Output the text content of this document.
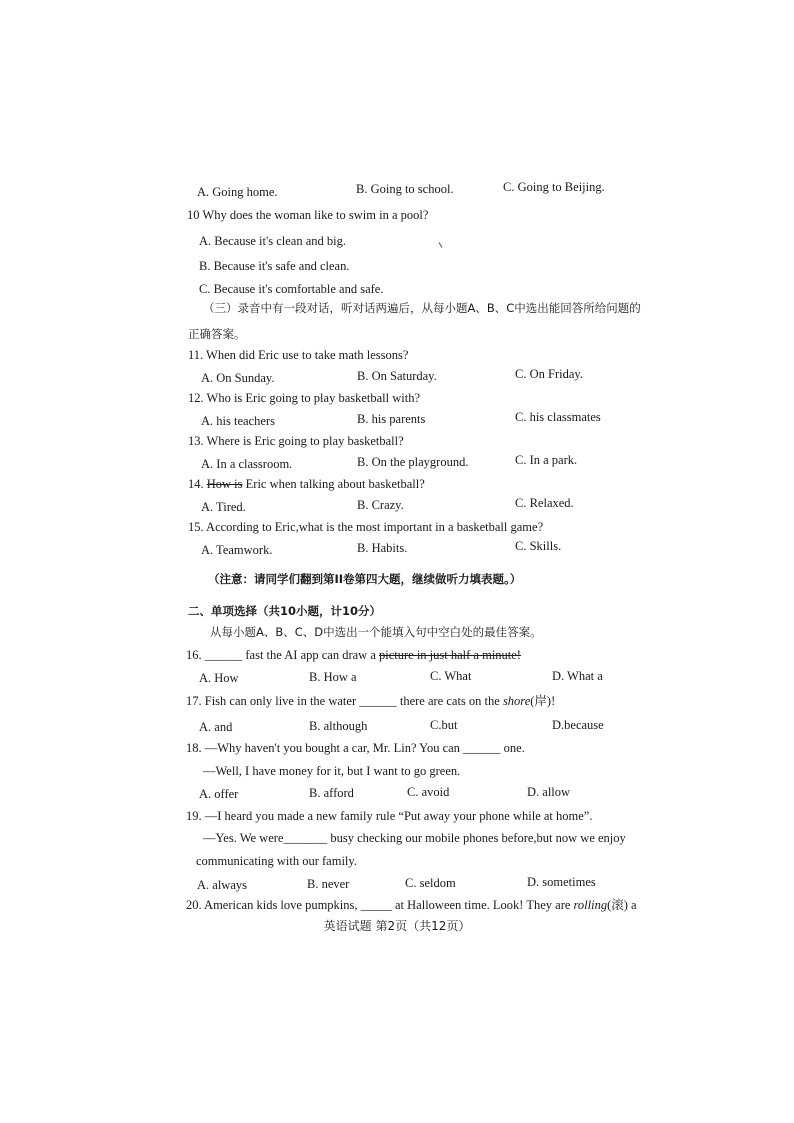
A. Going home.	B. Going to school.	C. Going to Beijing.
10 Why does the woman like to swim in a pool?
A. Because it's clean and big.
B. Because it's safe and clean.
C. Because it's comfortable and safe.
（三）录音中有一段对话，听对话两遍后，从每小题A、B、C中选出能回答所给问题的
正确答案。
11. When did Eric use to take math lessons?
A. On Sunday.	B. On Saturday.	C. On Friday.
12. Who is Eric going to play basketball with?
A. his teachers	B. his parents	C. his classmates
13. Where is Eric going to play basketball?
A. In a classroom.	B. On the playground.	C. In a park.
14. How is Eric when talking about basketball?
A. Tired.	B. Crazy.	C. Relaxed.
15. According to Eric,what is the most important in a basketball game?
A. Teamwork.	B. Habits.	C. Skills.
（注意：请同学们翻到第II卷第四大题，继续做听力填表题。）
二、单项选择（共10小题，计10分）
从每小题A、B、C、D中选出一个能填入句中空白处的最佳答案。
16. ______ fast the AI app can draw a picture in just half a minute!
A. How	B. How a	C. What	D. What a
17. Fish can only live in the water ______ there are cats on the shore(岸)!
A. and	B. although	C.but	D.because
18. —Why haven't you bought a car, Mr. Lin? You can ______ one.
—Well, I have money for it, but I want to go green.
A. offer	B. afford	C. avoid	D. allow
19. —I heard you made a new family rule “Put away your phone while at home”.
—Yes. We were_______ busy checking our mobile phones before,but now we enjoy
communicating with our family.
A. always	B. never	C. seldom	D. sometimes
20. American kids love pumpkins, _____ at Halloween time. Look! They are rolling(滚) a
英语试题 第2页（共12页）
